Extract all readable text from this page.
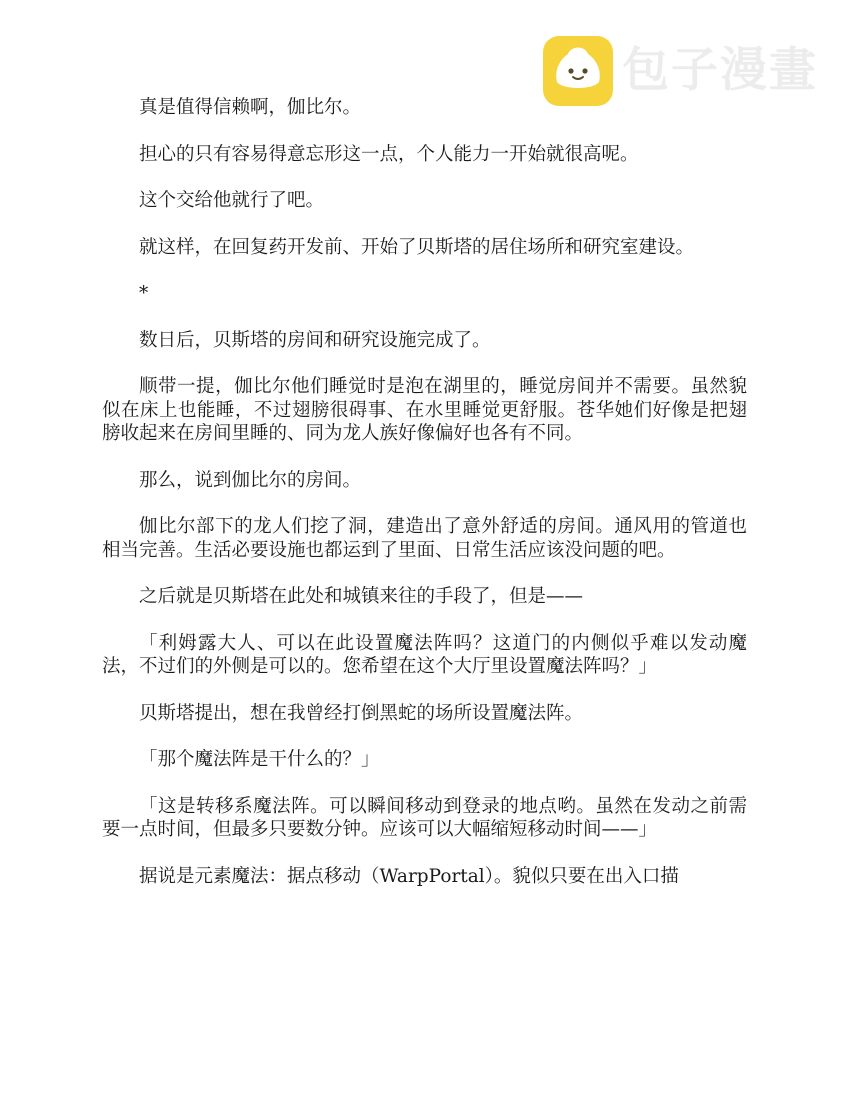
包子漫畫

真是值得信赖啊，伽比尔。

担心的只有容易得意忘形这一点，个人能力一开始就很高呢。

这个交给他就行了吧。

就这样，在回复药开发前、开始了贝斯塔的居住场所和研究室建设。

*

数日后，贝斯塔的房间和研究设施完成了。

顺带一提，伽比尔他们睡觉时是泡在湖里的，睡觉房间并不需要。虽然貌似在床上也能睡，不过翅膀很碍事、在水里睡觉更舒服。苍华她们好像是把翅膀收起来在房间里睡的、同为龙人族好像偏好也各有不同。

那么，说到伽比尔的房间。

伽比尔部下的龙人们挖了洞，建造出了意外舒适的房间。通风用的管道也相当完善。生活必要设施也都运到了里面、日常生活应该没问题的吧。

之后就是贝斯塔在此处和城镇来往的手段了，但是——

「利姆露大人、可以在此设置魔法阵吗？这道门的内侧似乎难以发动魔法，不过们的外侧是可以的。您希望在这个大厅里设置魔法阵吗？」

贝斯塔提出，想在我曾经打倒黑蛇的场所设置魔法阵。

「那个魔法阵是干什么的？」

「这是转移系魔法阵。可以瞬间移动到登录的地点哟。虽然在发动之前需要一点时间，但最多只要数分钟。应该可以大幅缩短移动时间——」

据说是元素魔法：据点移动（WarpPortal）。貌似只要在出入口描
